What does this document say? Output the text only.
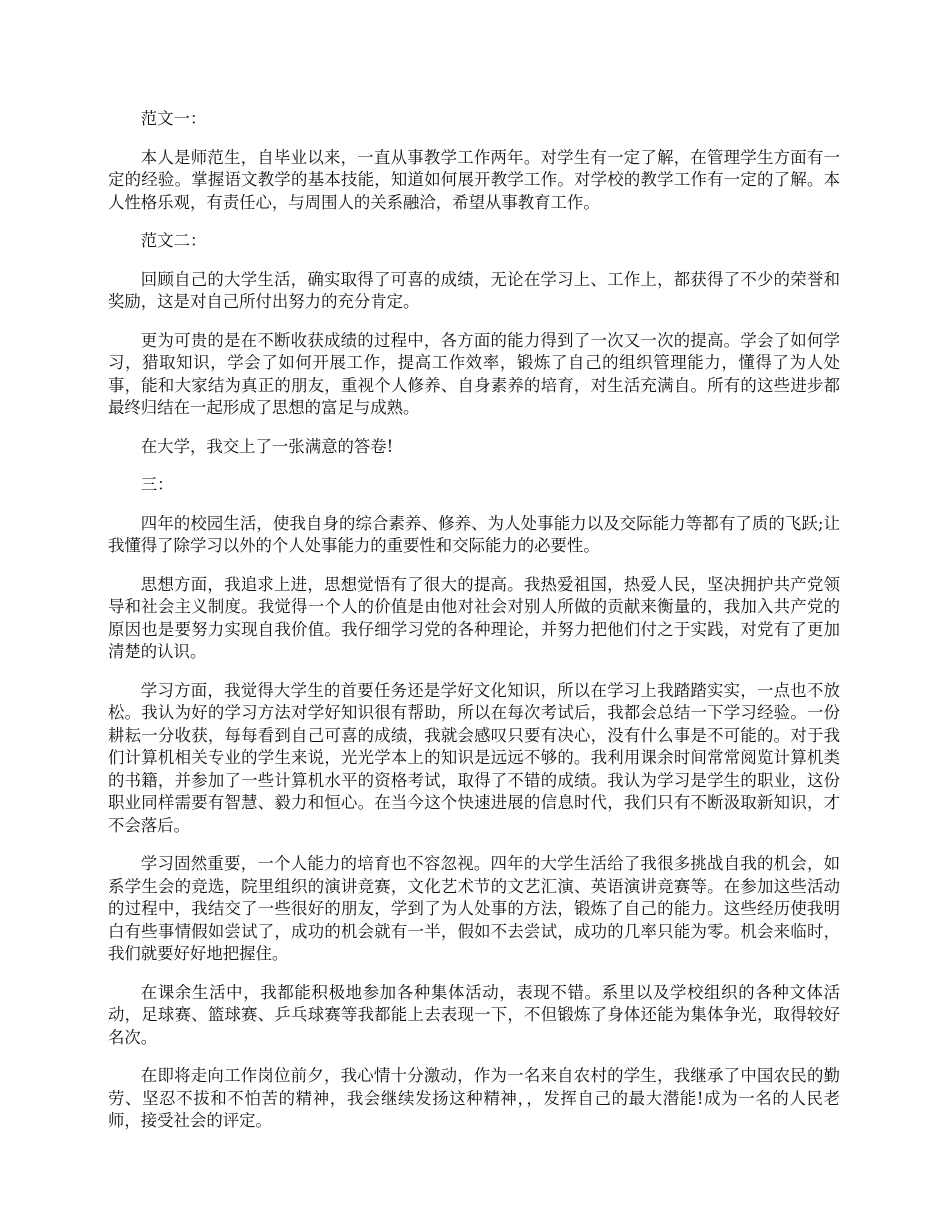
范文一：

本人是师范生，自毕业以来，一直从事教学工作两年。对学生有一定了解，在管理学生方面有一定的经验。掌握语文教学的基本技能，知道如何展开教学工作。对学校的教学工作有一定的了解。本人性格乐观，有责任心，与周围人的关系融洽，希望从事教育工作。

范文二：

回顾自己的大学生活，确实取得了可喜的成绩，无论在学习上、工作上，都获得了不少的荣誉和奖励，这是对自己所付出努力的充分肯定。

更为可贵的是在不断收获成绩的过程中，各方面的能力得到了一次又一次的提高。学会了如何学习，猎取知识，学会了如何开展工作，提高工作效率，锻炼了自己的组织管理能力，懂得了为人处事，能和大家结为真正的朋友，重视个人修养、自身素养的培育，对生活充满自。所有的这些进步都最终归结在一起形成了思想的富足与成熟。

在大学，我交上了一张满意的答卷!

三：

四年的校园生活，使我自身的综合素养、修养、为人处事能力以及交际能力等都有了质的飞跃;让我懂得了除学习以外的个人处事能力的重要性和交际能力的必要性。

思想方面，我追求上进，思想觉悟有了很大的提高。我热爱祖国，热爱人民，坚决拥护共产党领导和社会主义制度。我觉得一个人的价值是由他对社会对别人所做的贡献来衡量的，我加入共产党的原因也是要努力实现自我价值。我仔细学习党的各种理论，并努力把他们付之于实践，对党有了更加清楚的认识。

学习方面，我觉得大学生的首要任务还是学好文化知识，所以在学习上我踏踏实实，一点也不放松。我认为好的学习方法对学好知识很有帮助，所以在每次考试后，我都会总结一下学习经验。一份耕耘一分收获，每每看到自己可喜的成绩，我就会感叹只要有决心，没有什么事是不可能的。对于我们计算机相关专业的学生来说，光光学本上的知识是远远不够的。我利用课余时间常常阅览计算机类的书籍，并参加了一些计算机水平的资格考试，取得了不错的成绩。我认为学习是学生的职业，这份职业同样需要有智慧、毅力和恒心。在当今这个快速进展的信息时代，我们只有不断汲取新知识，才不会落后。

学习固然重要，一个人能力的培育也不容忽视。四年的大学生活给了我很多挑战自我的机会，如系学生会的竞选，院里组织的演讲竞赛，文化艺术节的文艺汇演、英语演讲竞赛等。在参加这些活动的过程中，我结交了一些很好的朋友，学到了为人处事的方法，锻炼了自己的能力。这些经历使我明白有些事情假如尝试了，成功的机会就有一半，假如不去尝试，成功的几率只能为零。机会来临时，我们就要好好地把握住。

在课余生活中，我都能积极地参加各种集体活动，表现不错。系里以及学校组织的各种文体活动，足球赛、篮球赛、乒乓球赛等我都能上去表现一下，不但锻炼了身体还能为集体争光，取得较好名次。

在即将走向工作岗位前夕，我心情十分激动，作为一名来自农村的学生，我继承了中国农民的勤劳、坚忍不拔和不怕苦的精神，我会继续发扬这种精神，，发挥自己的最大潜能!成为一名的人民老师，接受社会的评定。
